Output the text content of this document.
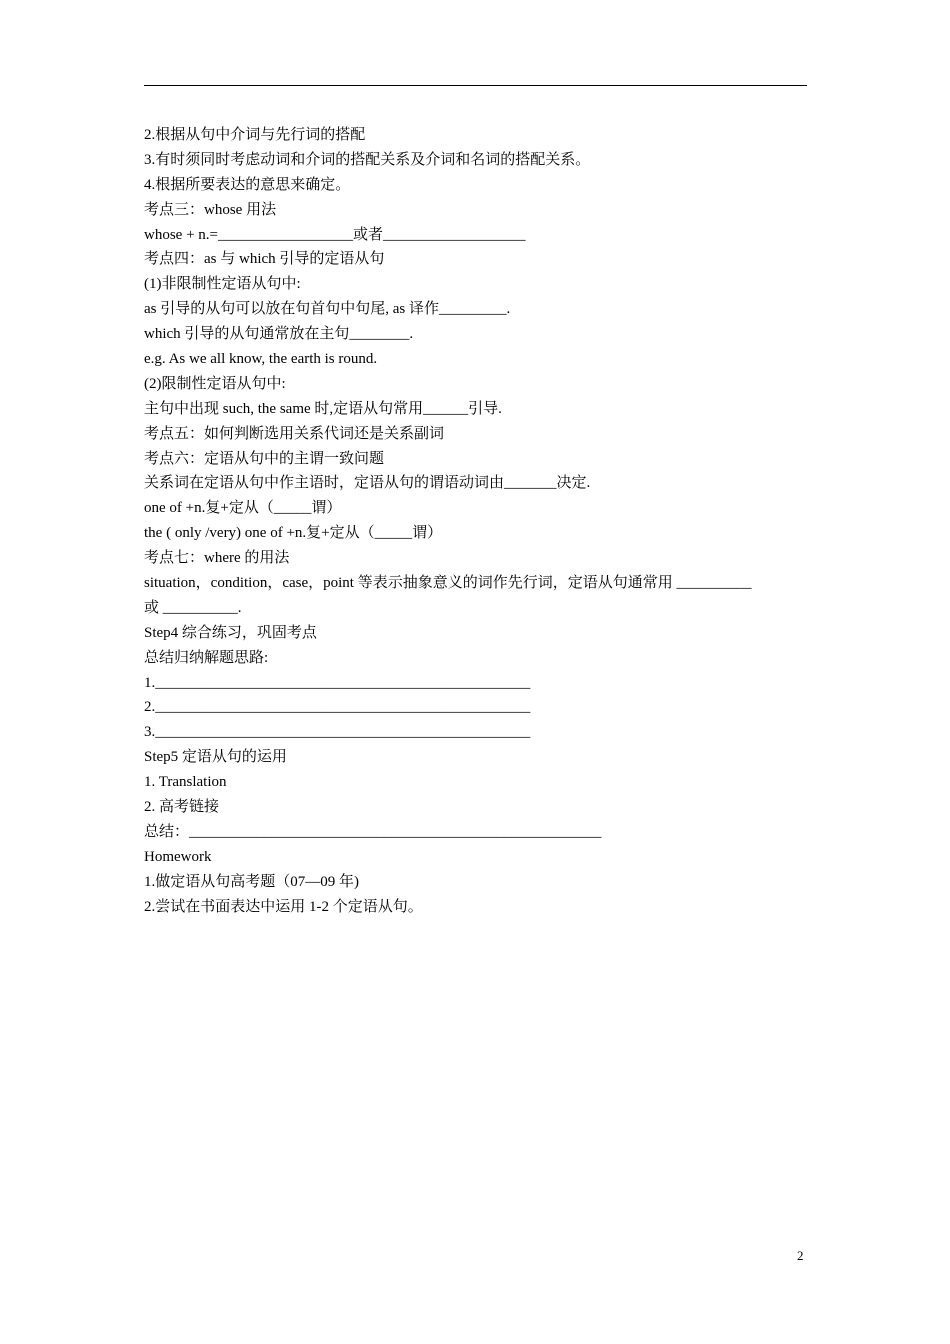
2.根据从句中介词与先行词的搭配
3.有时须同时考虑动词和介词的搭配关系及介词和名词的搭配关系。
4.根据所要表达的意思来确定。
考点三：whose 用法
whose + n.=__________________或者___________________
考点四：as 与 which 引导的定语从句
(1)非限制性定语从句中:
as 引导的从句可以放在句首句中句尾, as 译作_________.
which 引导的从句通常放在主句________.
e.g. As we all know, the earth is round.
(2)限制性定语从句中:
主句中出现 such, the same 时,定语从句常用______引导.
考点五：如何判断选用关系代词还是关系副词
考点六：定语从句中的主谓一致问题
关系词在定语从句中作主语时，定语从句的谓语动词由_______决定.
one of +n.复+定从（_____谓）
the ( only /very) one of +n.复+定从（_____谓）
考点七：where 的用法
situation，condition，case，point 等表示抽象意义的词作先行词，定语从句通常用 __________
或 __________.
Step4 综合练习，巩固考点
总结归纳解题思路:
1.__________________________________________________
2.__________________________________________________
3.__________________________________________________
Step5 定语从句的运用
1. Translation
2. 高考链接
总结：_______________________________________________________
Homework
1.做定语从句高考题（07—09 年)
2.尝试在书面表达中运用 1-2 个定语从句。
2
